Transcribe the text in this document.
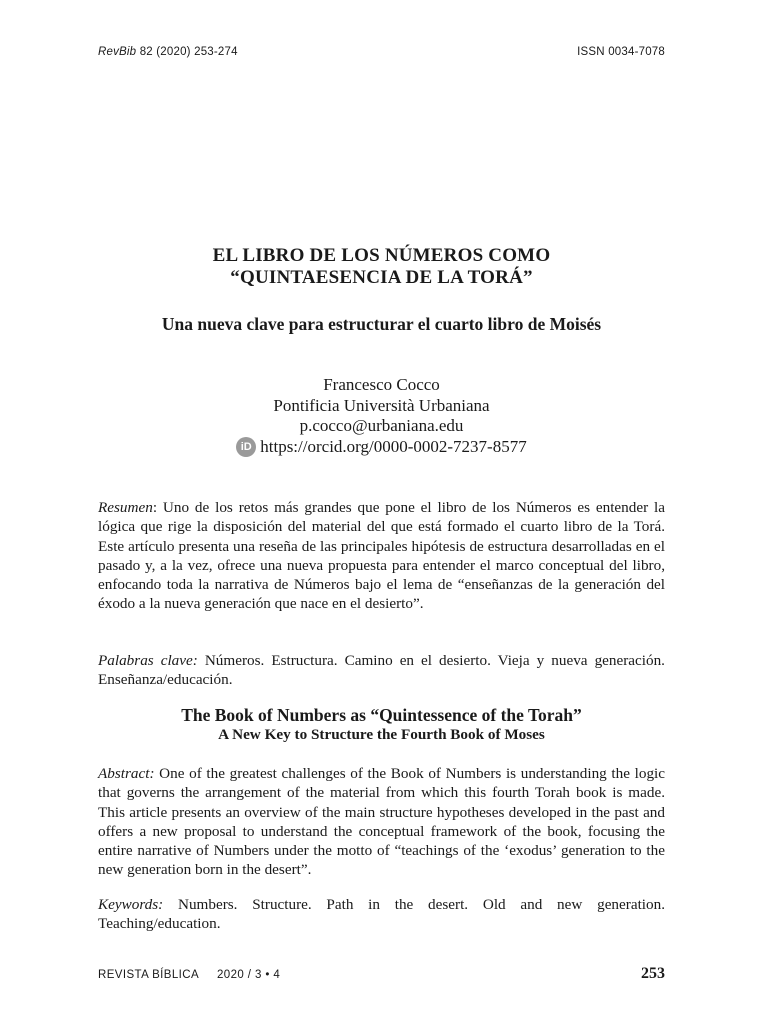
RevBib 82 (2020) 253-274	ISSN 0034-7078
EL LIBRO DE LOS NÚMEROS COMO
“QUINTAESENCIA DE LA TORÁ”
Una nueva clave para estructurar el cuarto libro de Moisés
Francesco Cocco
Pontificia Università Urbaniana
p.cocco@urbaniana.edu
iD https://orcid.org/0000-0002-7237-8577

Resumen: Uno de los retos más grandes que pone el libro de los Números es entender la lógica que rige la disposición del material del que está formado el cuarto libro de la Torá. Este artículo presenta una reseña de las principales hipótesis de estructura desarrolladas en el pasado y, a la vez, ofrece una nueva propuesta para entender el marco conceptual del libro, enfocando toda la narrativa de Números bajo el lema de “enseñanzas de la generación del éxodo a la nueva generación que nace en el desierto”.

Palabras clave: Números. Estructura. Camino en el desierto. Vieja y nueva generación. Enseñanza/educación.

The Book of Numbers as “Quintessence of the Torah”
A New Key to Structure the Fourth Book of Moses

Abstract: One of the greatest challenges of the Book of Numbers is understanding the logic that governs the arrangement of the material from which this fourth Torah book is made. This article presents an overview of the main structure hypotheses developed in the past and offers a new proposal to understand the conceptual framework of the book, focusing the entire narrative of Numbers under the motto of “teachings of the ‘exodus’ generation to the new generation born in the desert”.

Keywords: Numbers. Structure. Path in the desert. Old and new generation. Teaching/education.

REVISTA BÍBLICA 2020 / 3 • 4	253
